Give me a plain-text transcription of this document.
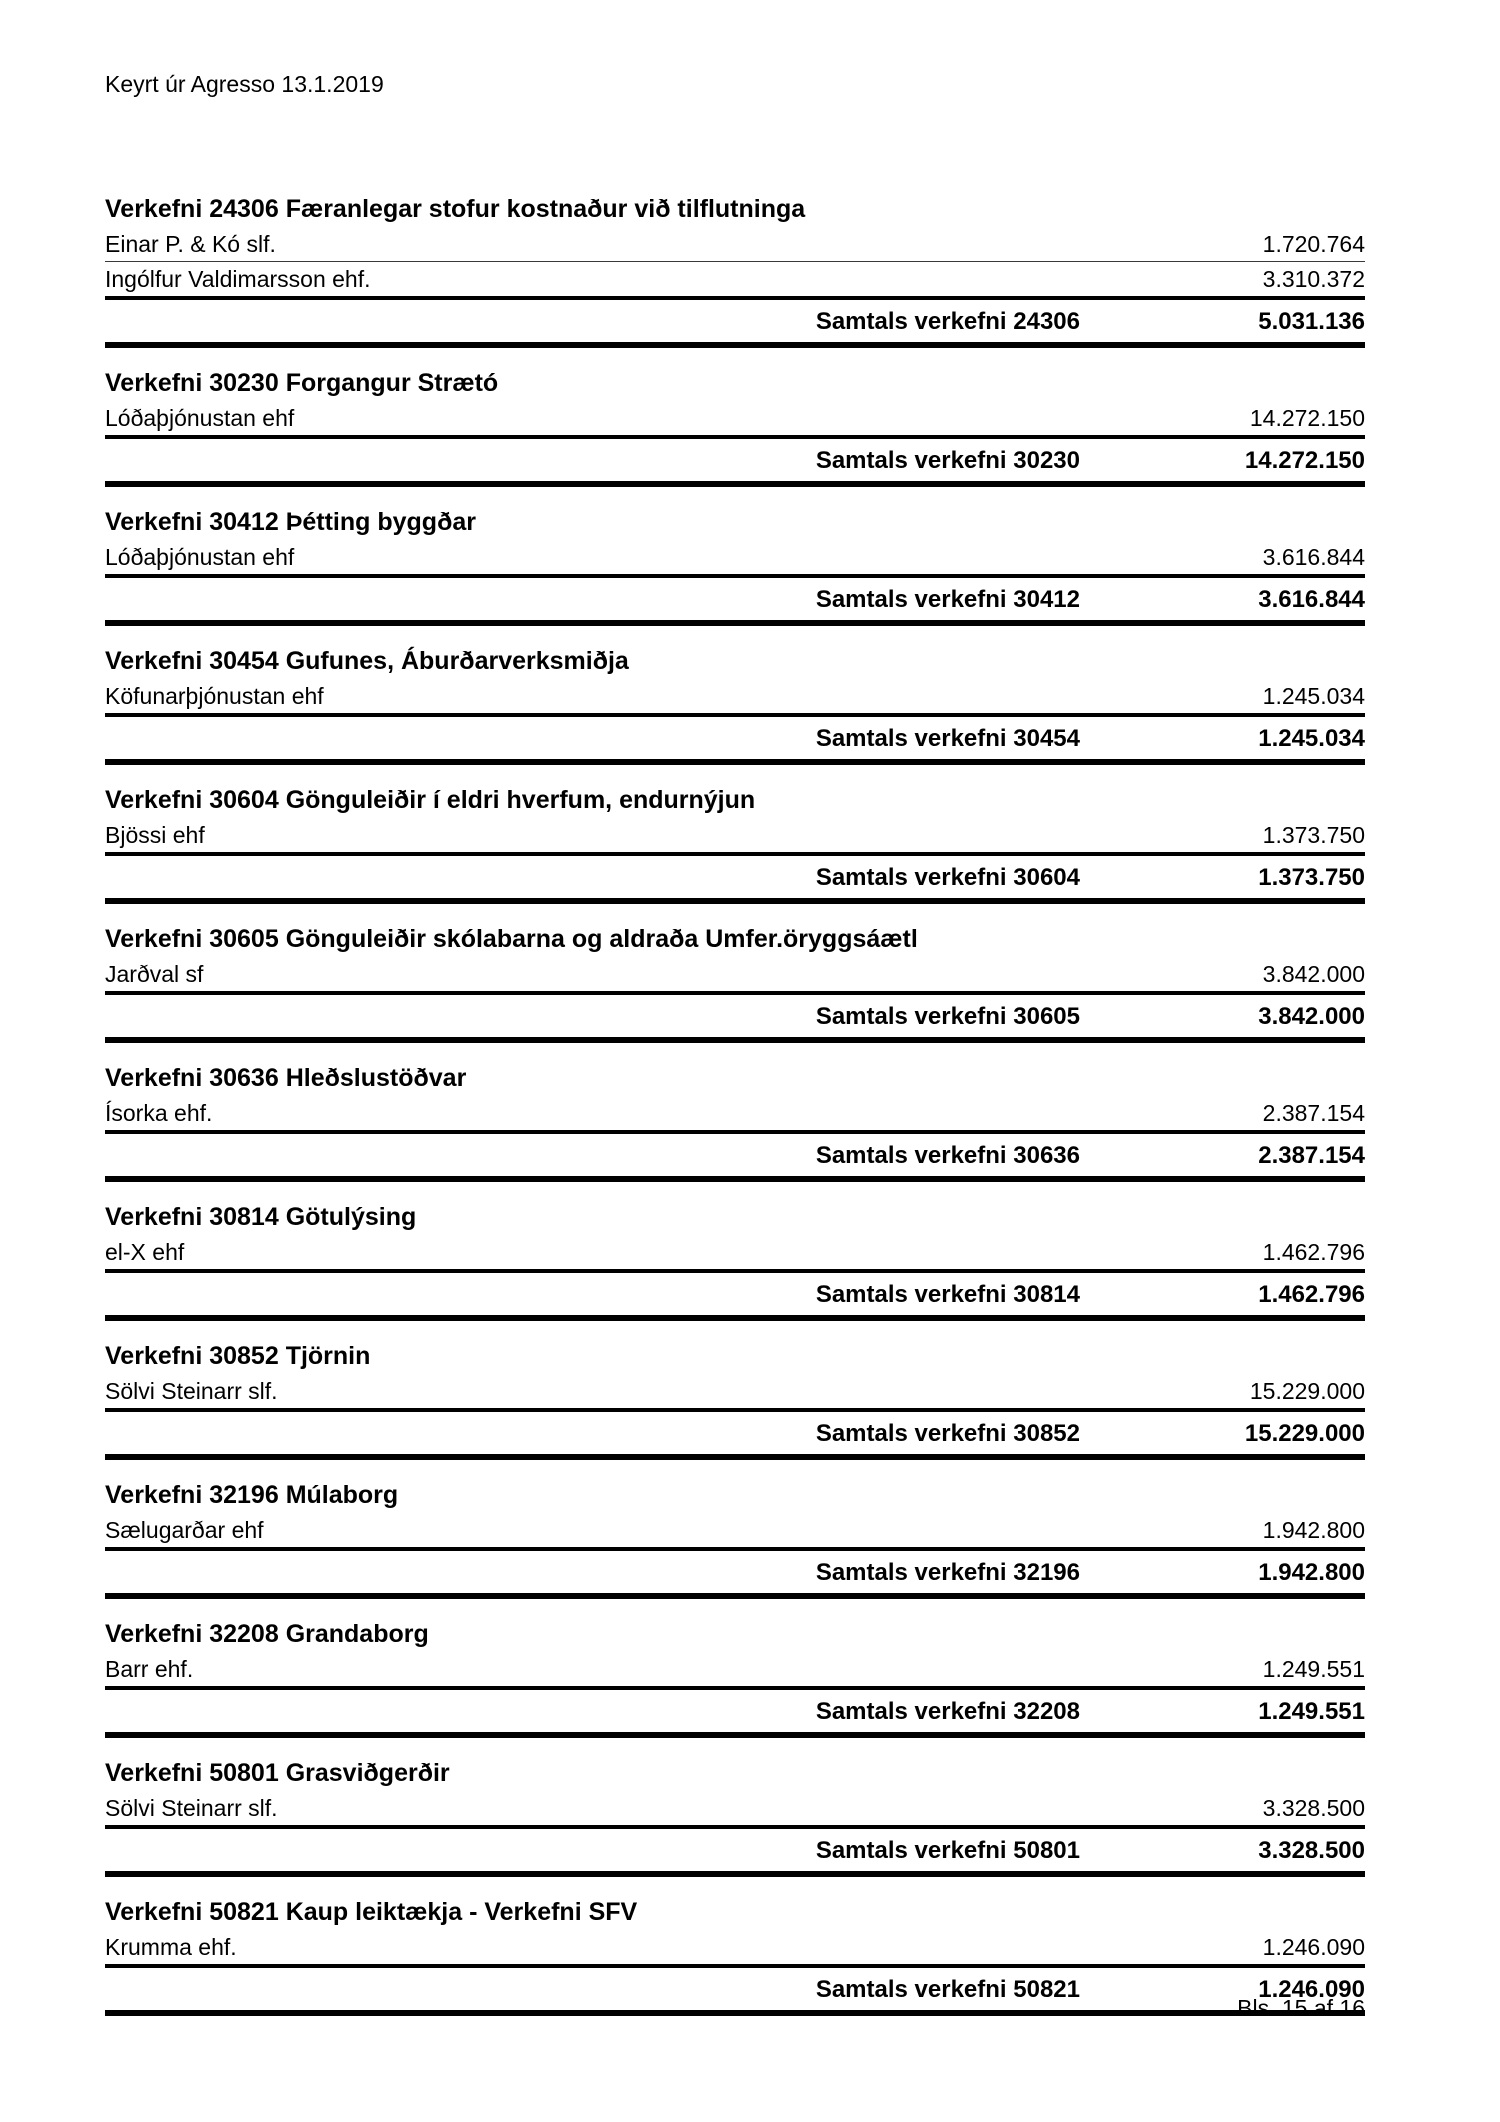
Keyrt úr Agresso 13.1.2019
Verkefni 24306 Færanlegar stofur kostnaður við tilflutninga
Einar P. & Kó slf.	1.720.764
Ingólfur Valdimarsson ehf.	3.310.372
Samtals verkefni 24306	5.031.136
Verkefni 30230 Forgangur Strætó
Lóðaþjónustan ehf	14.272.150
Samtals verkefni 30230	14.272.150
Verkefni 30412 Þétting byggðar
Lóðaþjónustan ehf	3.616.844
Samtals verkefni 30412	3.616.844
Verkefni 30454 Gufunes, Áburðarverksmiðja
Köfunarþjónustan ehf	1.245.034
Samtals verkefni 30454	1.245.034
Verkefni 30604 Gönguleiðir í eldri hverfum, endurnýjun
Bjössi ehf	1.373.750
Samtals verkefni 30604	1.373.750
Verkefni 30605 Gönguleiðir skólabarna og aldraða Umfer.öryggsáætl
Jarðval sf	3.842.000
Samtals verkefni 30605	3.842.000
Verkefni 30636 Hleðslustöðvar
Ísorka ehf.	2.387.154
Samtals verkefni 30636	2.387.154
Verkefni 30814 Götulýsing
el-X ehf	1.462.796
Samtals verkefni 30814	1.462.796
Verkefni 30852 Tjörnin
Sölvi Steinarr slf.	15.229.000
Samtals verkefni 30852	15.229.000
Verkefni 32196 Múlaborg
Sælugarðar ehf	1.942.800
Samtals verkefni 32196	1.942.800
Verkefni 32208 Grandaborg
Barr ehf.	1.249.551
Samtals verkefni 32208	1.249.551
Verkefni 50801 Grasviðgerðir
Sölvi Steinarr slf.	3.328.500
Samtals verkefni 50801	3.328.500
Verkefni 50821 Kaup leiktækja - Verkefni SFV
Krumma ehf.	1.246.090
Samtals verkefni 50821	1.246.090
Bls. 15 af 16
